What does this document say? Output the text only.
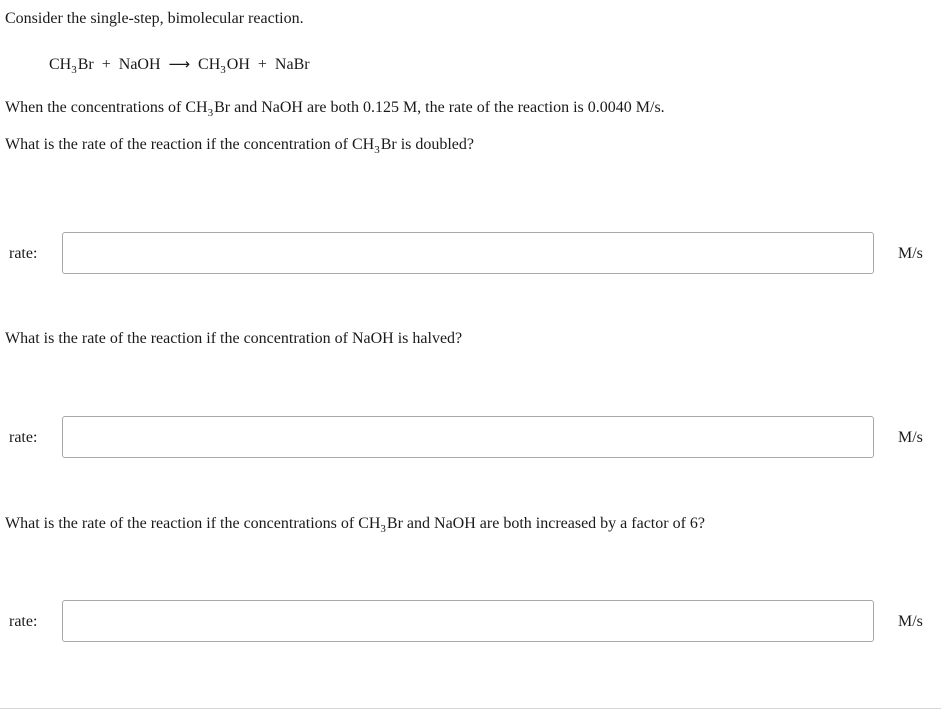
Consider the single-step, bimolecular reaction.
$CH_3Br$ + NaOH ⟶ $CH_3OH$ + NaBr
When the concentrations of $CH_3Br$ and NaOH are both 0.125 M, the rate of the reaction is 0.0040 M/s.
What is the rate of the reaction if the concentration of $CH_3Br$ is doubled?
rate:	M/s
What is the rate of the reaction if the concentration of NaOH is halved?
rate:	M/s
What is the rate of the reaction if the concentrations of $CH_3Br$ and NaOH are both increased by a factor of 6?
rate:	M/s
